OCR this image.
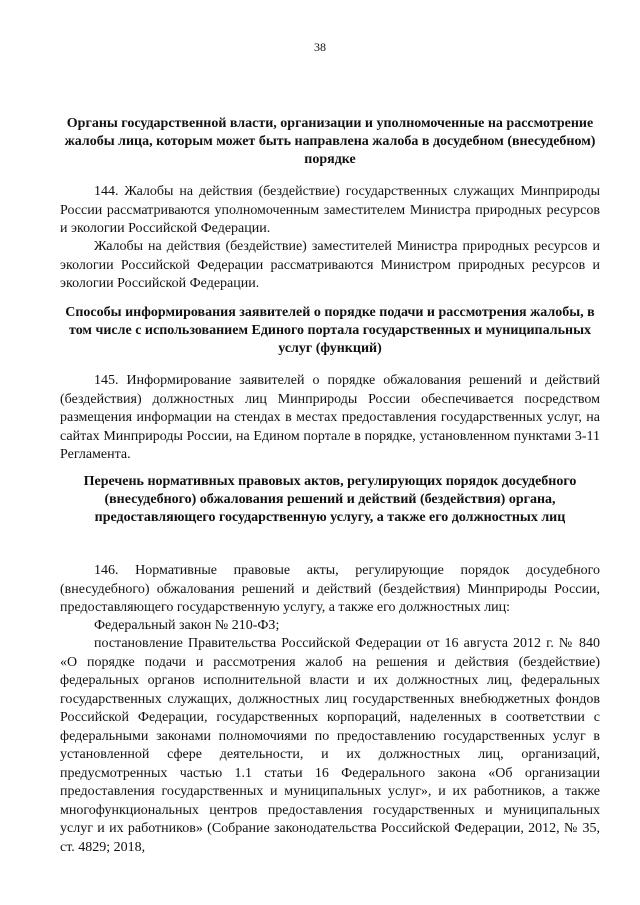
38
Органы государственной власти, организации и уполномоченные на рассмотрение жалобы лица, которым может быть направлена жалоба в досудебном (внесудебном) порядке

144. Жалобы на действия (бездействие) государственных служащих Минприроды России рассматриваются уполномоченным заместителем Министра природных ресурсов и экологии Российской Федерации.

Жалобы на действия (бездействие) заместителей Министра природных ресурсов и экологии Российской Федерации рассматриваются Министром природных ресурсов и экологии Российской Федерации.

Способы информирования заявителей о порядке подачи и рассмотрения жалобы, в том числе с использованием Единого портала государственных и муниципальных услуг (функций)

145. Информирование заявителей о порядке обжалования решений и действий (бездействия) должностных лиц Минприроды России обеспечивается посредством размещения информации на стендах в местах предоставления государственных услуг, на сайтах Минприроды России, на Едином портале в порядке, установленном пунктами 3-11 Регламента.

Перечень нормативных правовых актов, регулирующих порядок досудебного (внесудебного) обжалования решений и действий (бездействия) органа, предоставляющего государственную услугу, а также его должностных лиц

146. Нормативные правовые акты, регулирующие порядок досудебного (внесудебного) обжалования решений и действий (бездействия) Минприроды России, предоставляющего государственную услугу, а также его должностных лиц:

Федеральный закон № 210-ФЗ;

постановление Правительства Российской Федерации от 16 августа 2012 г. № 840 «О порядке подачи и рассмотрения жалоб на решения и действия (бездействие) федеральных органов исполнительной власти и их должностных лиц, федеральных государственных служащих, должностных лиц государственных внебюджетных фондов Российской Федерации, государственных корпораций, наделенных в соответствии с федеральными законами полномочиями по предоставлению государственных услуг в установленной сфере деятельности, и их должностных лиц, организаций, предусмотренных частью 1.1 статьи 16 Федерального закона «Об организации предоставления государственных и муниципальных услуг», и их работников, а также многофункциональных центров предоставления государственных и муниципальных услуг и их работников» (Собрание законодательства Российской Федерации, 2012, № 35, ст. 4829; 2018,
